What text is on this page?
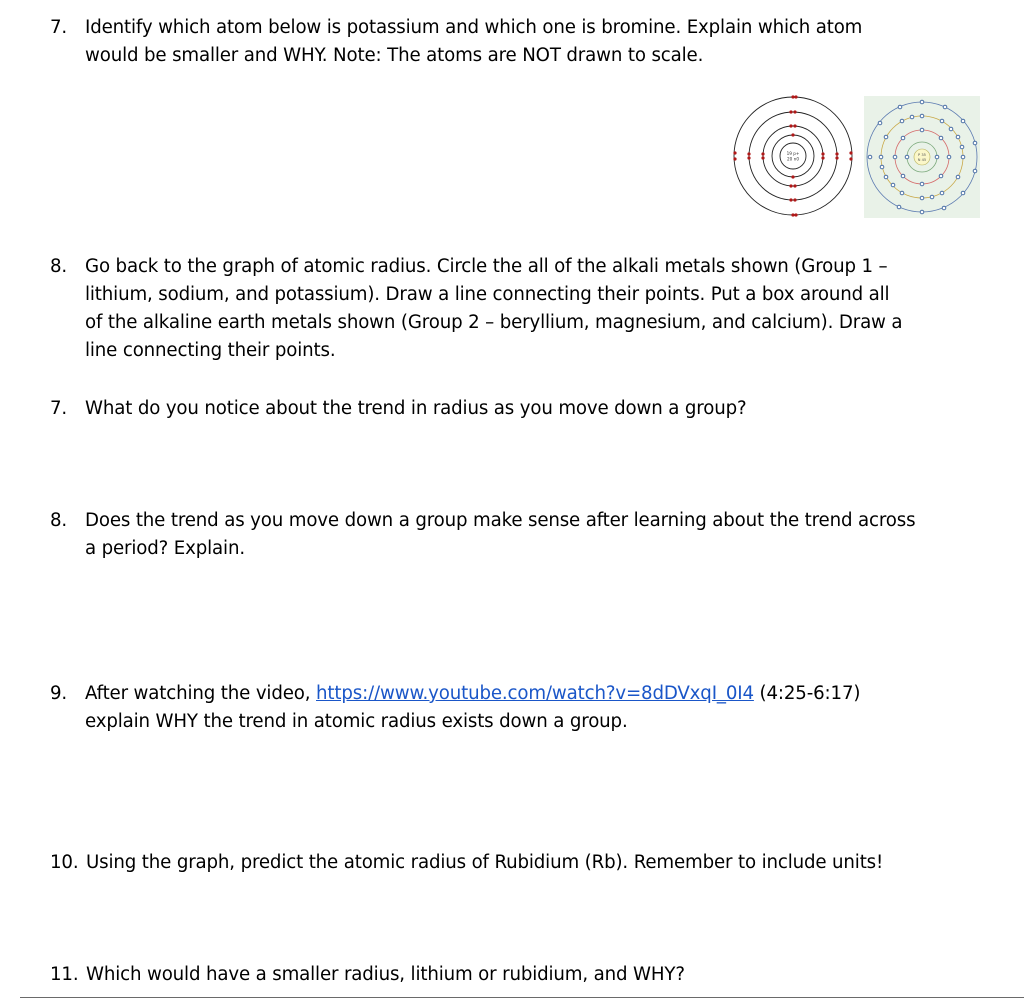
7. Identify which atom below is potassium and which one is bromine. Explain which atom
would be smaller and WHY. Note: The atoms are NOT drawn to scale.
19 p+
20 n0
P 35
N 45
8. Go back to the graph of atomic radius. Circle the all of the alkali metals shown (Group 1 –
lithium, sodium, and potassium). Draw a line connecting their points. Put a box around all
of the alkaline earth metals shown (Group 2 – beryllium, magnesium, and calcium). Draw a
line connecting their points.
7. What do you notice about the trend in radius as you move down a group?
8. Does the trend as you move down a group make sense after learning about the trend across
a period? Explain.
9. After watching the video, https://www.youtube.com/watch?v=8dDVxqI_0I4 (4:25-6:17)
explain WHY the trend in atomic radius exists down a group.
10. Using the graph, predict the atomic radius of Rubidium (Rb). Remember to include units!
11. Which would have a smaller radius, lithium or rubidium, and WHY?
